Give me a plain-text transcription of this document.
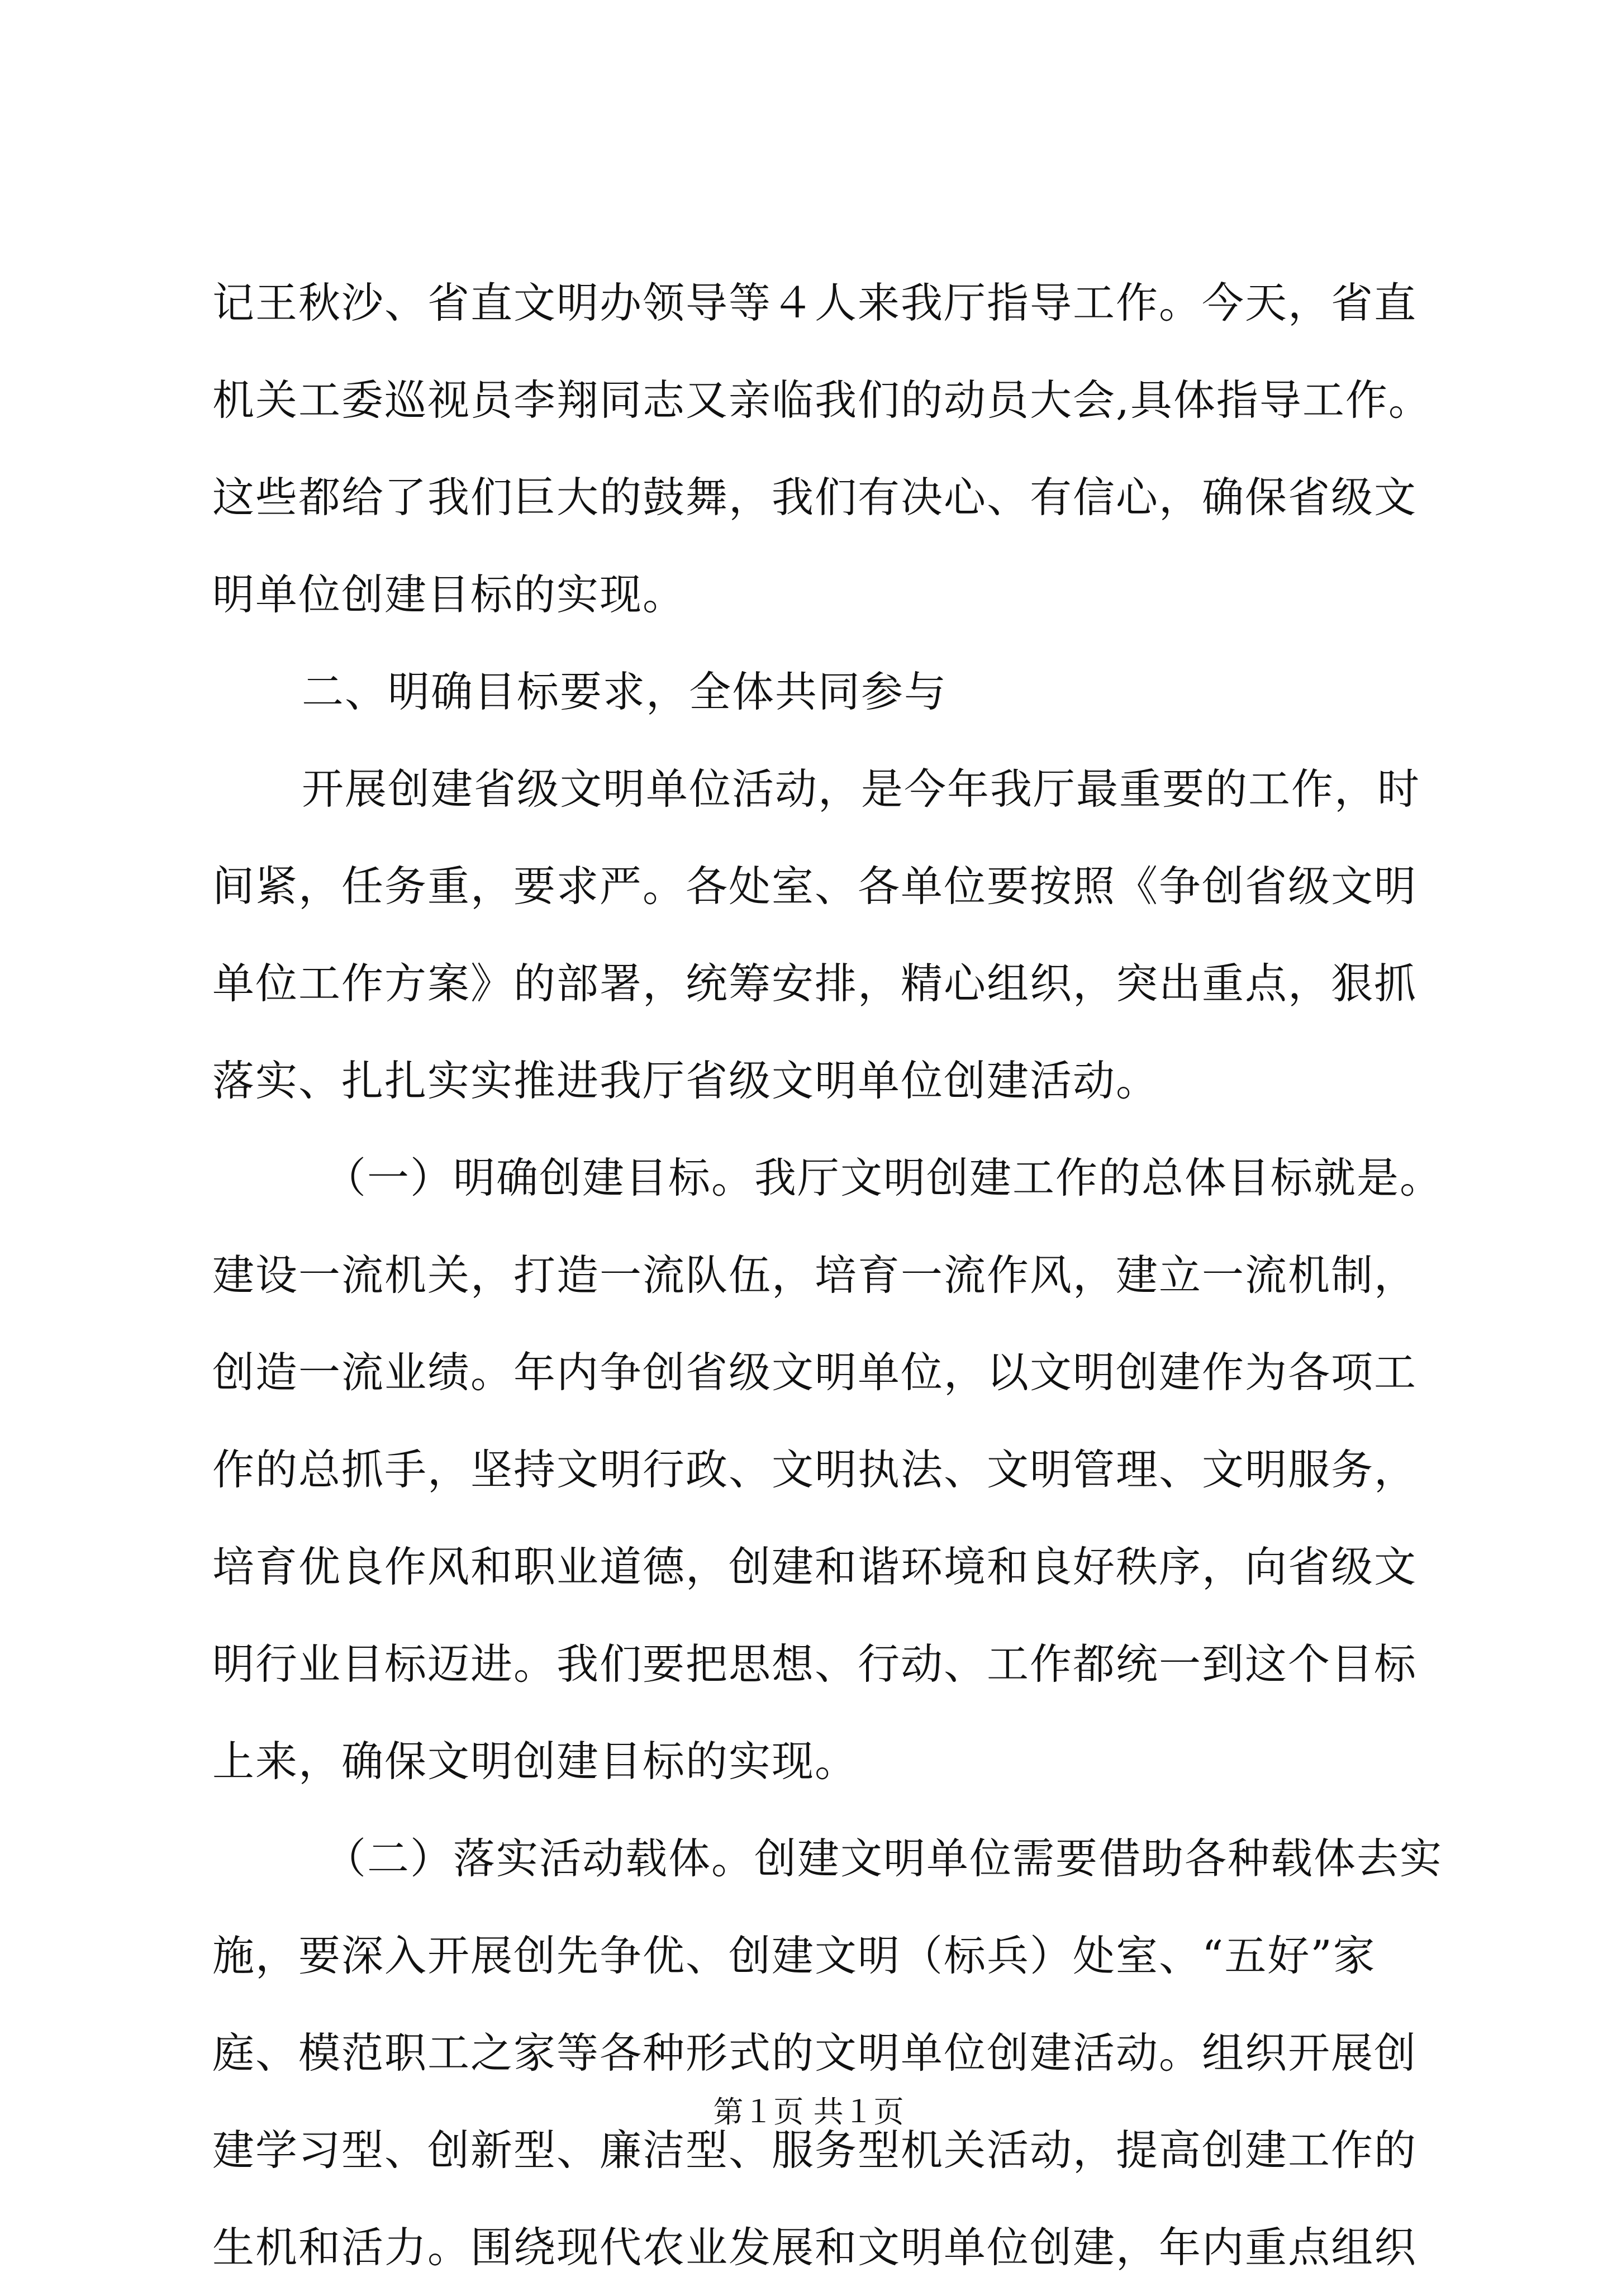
记王秋沙、省直文明办领导等４人来我厅指导工作。今天，省直
机关工委巡视员李翔同志又亲临我们的动员大会,具体指导工作。
这些都给了我们巨大的鼓舞，我们有决心、有信心，确保省级文
明单位创建目标的实现。
二、明确目标要求，全体共同参与
开展创建省级文明单位活动，是今年我厅最重要的工作，时
间紧，任务重，要求严。各处室、各单位要按照《争创省级文明
单位工作方案》的部署，统筹安排，精心组织，突出重点，狠抓
落实、扎扎实实推进我厅省级文明单位创建活动。
（一）明确创建目标。我厅文明创建工作的总体目标就是。
建设一流机关，打造一流队伍，培育一流作风，建立一流机制，
创造一流业绩。年内争创省级文明单位，以文明创建作为各项工
作的总抓手，坚持文明行政、文明执法、文明管理、文明服务，
培育优良作风和职业道德，创建和谐环境和良好秩序，向省级文
明行业目标迈进。我们要把思想、行动、工作都统一到这个目标
上来，确保文明创建目标的实现。
（二）落实活动载体。创建文明单位需要借助各种载体去实
施，要深入开展创先争优、创建文明（标兵）处室、“五好”家
庭、模范职工之家等各种形式的文明单位创建活动。组织开展创
建学习型、创新型、廉洁型、服务型机关活动，提高创建工作的
生机和活力。围绕现代农业发展和文明单位创建，年内重点组织
第１页 共１页
